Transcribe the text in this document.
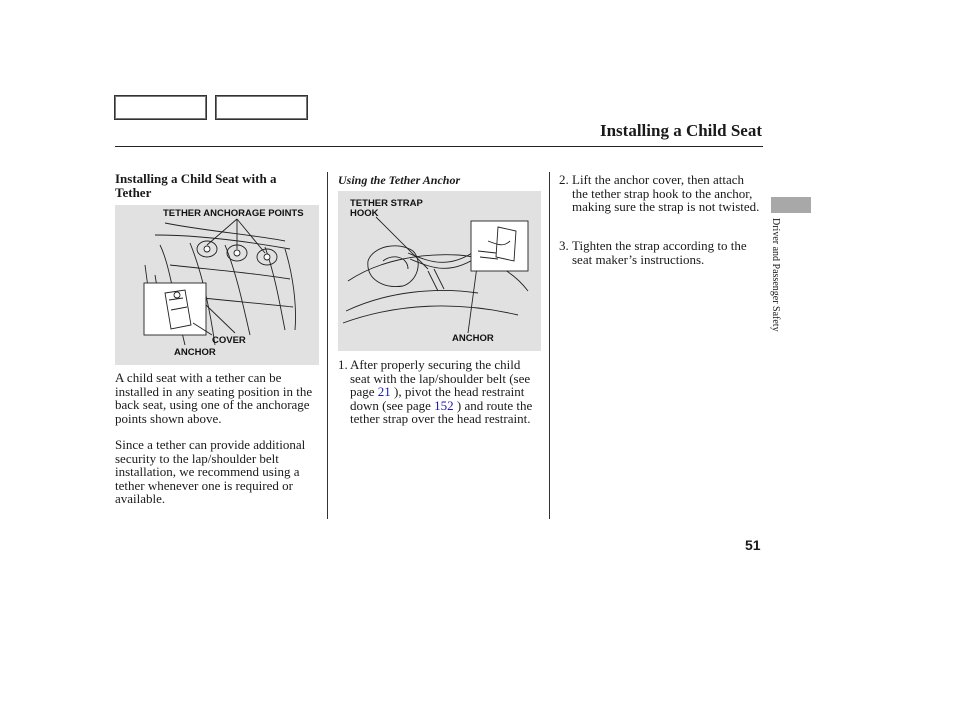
Installing a Child Seat
Installing a Child Seat with a Tether
TETHER ANCHORAGE POINTS
COVER
ANCHOR
A child seat with a tether can be installed in any seating position in the back seat, using one of the anchorage points shown above.
Since a tether can provide additional security to the lap/shoulder belt installation, we recommend using a tether whenever one is required or available.
Using the Tether Anchor
TETHER STRAP HOOK
ANCHOR
1. After properly securing the child seat with the lap/shoulder belt (see page 21 ), pivot the head restraint down (see page 152 ) and route the tether strap over the head restraint.
2. Lift the anchor cover, then attach the tether strap hook to the anchor, making sure the strap is not twisted.
3. Tighten the strap according to the seat maker’s instructions.	Driver and Passenger Safety
51
